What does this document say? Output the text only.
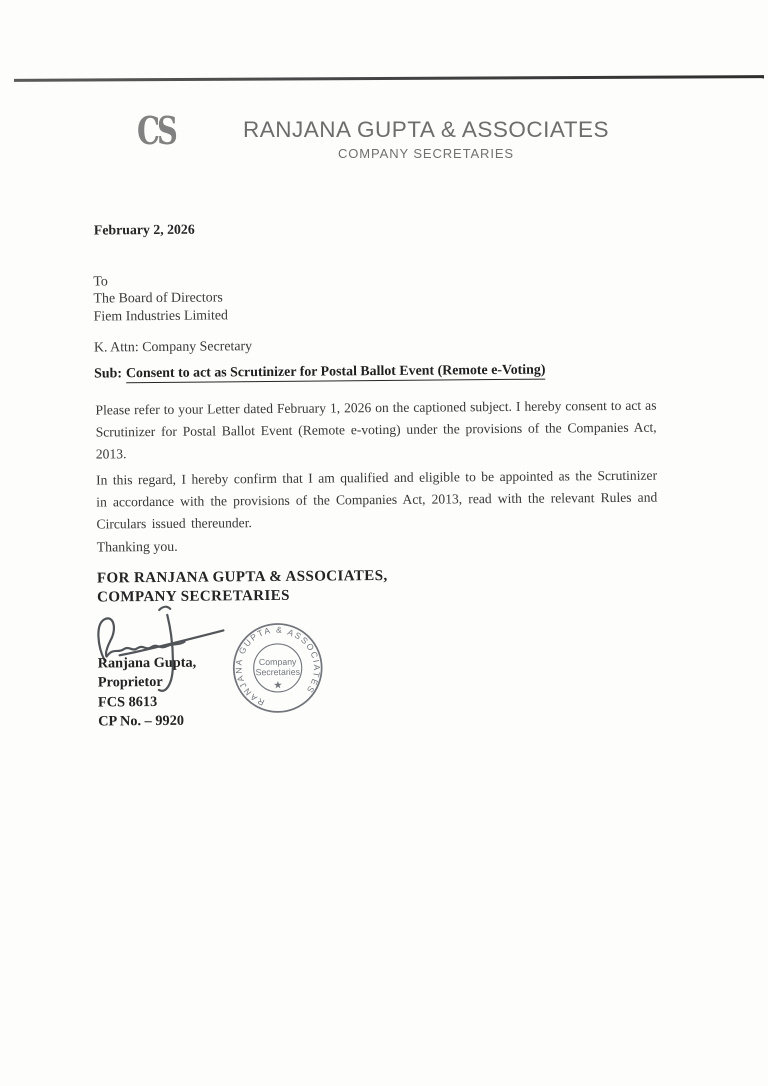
CS	RANJANA GUPTA & ASSOCIATES
COMPANY SECRETARIES
February 2, 2026
To
The Board of Directors
Fiem Industries Limited
K. Attn: Company Secretary
Sub: Consent to act as Scrutinizer for Postal Ballot Event (Remote e-Voting)

Please refer to your Letter dated February 1, 2026 on the captioned subject. I hereby consent to act as Scrutinizer for Postal Ballot Event (Remote e-voting) under the provisions of the Companies Act, 2013.

In this regard, I hereby confirm that I am qualified and eligible to be appointed as the Scrutinizer in accordance with the provisions of the Companies Act, 2013, read with the relevant Rules and Circulars issued thereunder.

Thanking you.
FOR RANJANA GUPTA & ASSOCIATES,
COMPANY SECRETARIES
RANJANA GUPTA & ASSOCIATES
Company
Secretaries
★
Ranjana Gupta,
Proprietor
FCS 8613
CP No. – 9920
